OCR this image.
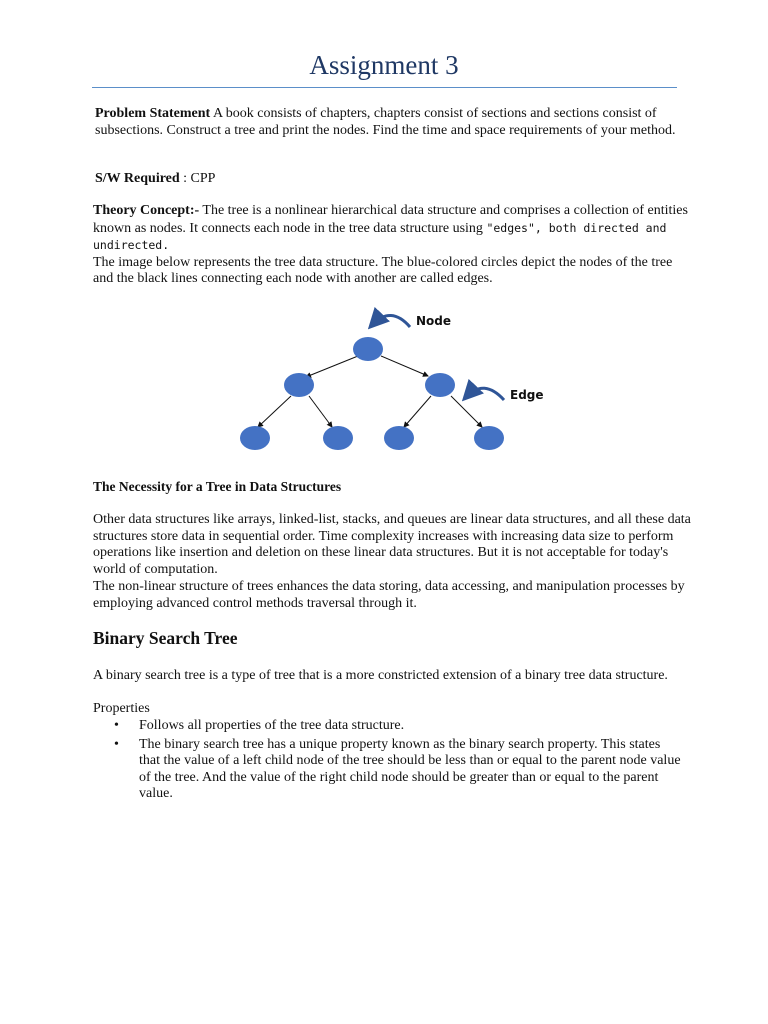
Assignment 3
Problem Statement A book consists of chapters, chapters consist of sections and sections consist of subsections. Construct a tree and print the nodes. Find the time and space requirements of your method.
S/W Required : CPP
Theory Concept:- The tree is a nonlinear hierarchical data structure and comprises a collection of entities known as nodes. It connects each node in the tree data structure using "edges", both directed and undirected.
The image below represents the tree data structure. The blue-colored circles depict the nodes of the tree and the black lines connecting each node with another are called edges.
Node
Edge
The Necessity for a Tree in Data Structures
Other data structures like arrays, linked-list, stacks, and queues are linear data structures, and all these data structures store data in sequential order. Time complexity increases with increasing data size to perform operations like insertion and deletion on these linear data structures. But it is not acceptable for today's world of computation.
The non-linear structure of trees enhances the data storing, data accessing, and manipulation processes by employing advanced control methods traversal through it.
Binary Search Tree
A binary search tree is a type of tree that is a more constricted extension of a binary tree data structure.
Properties
• Follows all properties of the tree data structure.
• The binary search tree has a unique property known as the binary search property. This states that the value of a left child node of the tree should be less than or equal to the parent node value of the tree. And the value of the right child node should be greater than or equal to the parent value.
